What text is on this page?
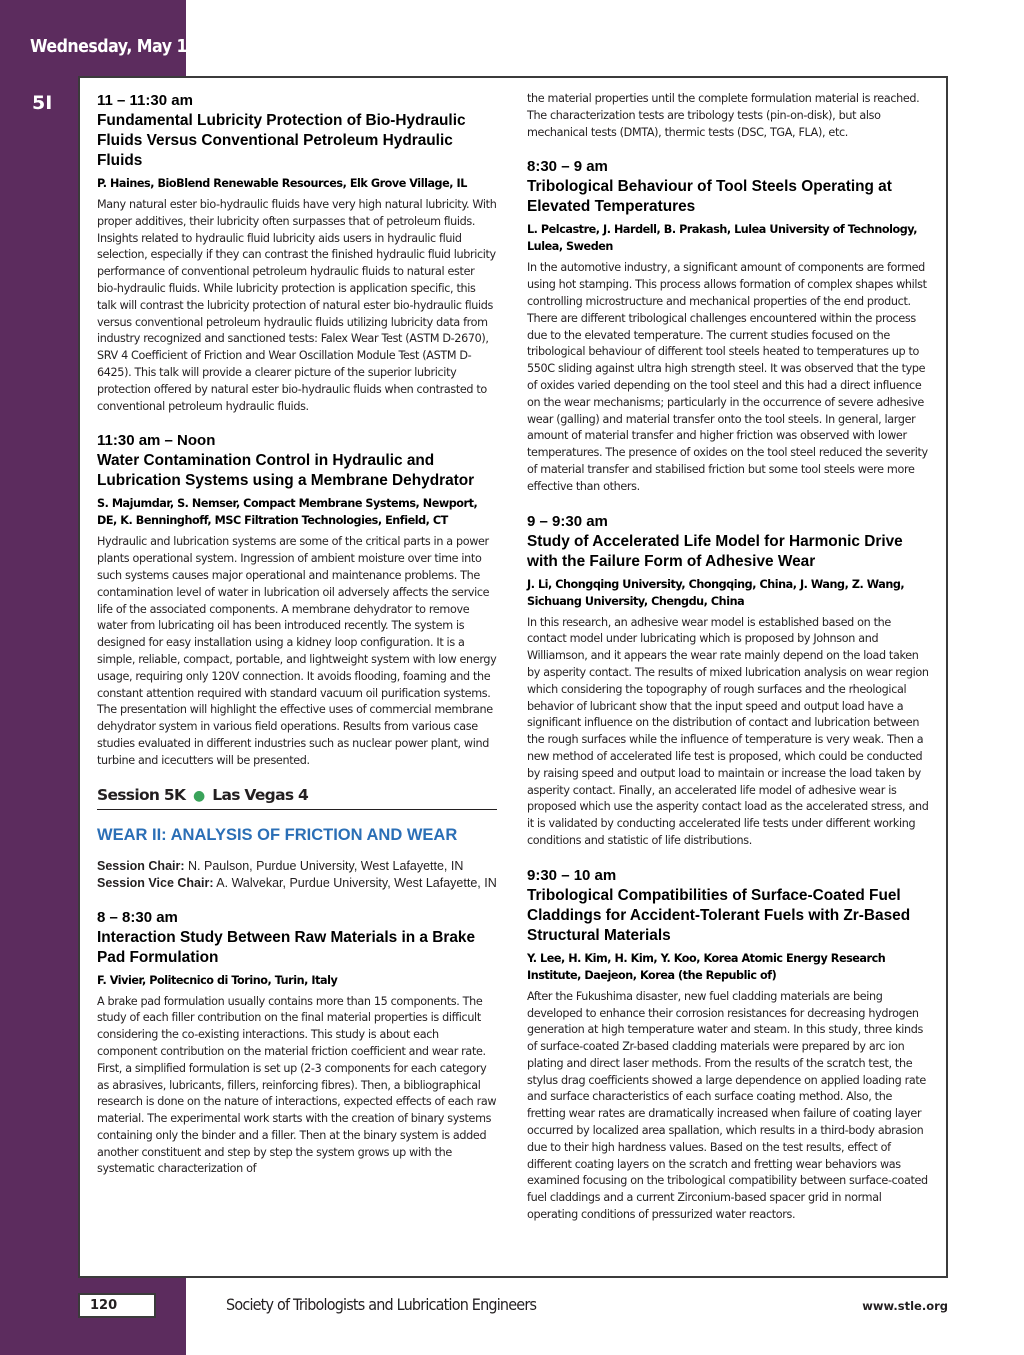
Wednesday, May 18
5I	11 – 11:30 am
Fundamental Lubricity Protection of Bio-Hydraulic Fluids Versus Conventional Petroleum Hydraulic Fluids
P. Haines, BioBlend Renewable Resources, Elk Grove Village, IL
Many natural ester bio-hydraulic fluids have very high natural lubricity. With proper additives, their lubricity often surpasses that of petroleum fluids. Insights related to hydraulic fluid lubricity aids users in hydraulic fluid selection, especially if they can contrast the finished hydraulic fluid lubricity performance of conventional petroleum hydraulic fluids to natural ester bio-hydraulic fluids. While lubricity protection is application specific, this talk will contrast the lubricity protection of natural ester bio-hydraulic fluids versus conventional petroleum hydraulic fluids utilizing lubricity data from industry recognized and sanctioned tests: Falex Wear Test (ASTM D-2670), SRV 4 Coefficient of Friction and Wear Oscillation Module Test (ASTM D-6425). This talk will provide a clearer picture of the superior lubricity protection offered by natural ester bio-hydraulic fluids when contrasted to conventional petroleum hydraulic fluids.
11:30 am – Noon
Water Contamination Control in Hydraulic and Lubrication Systems using a Membrane Dehydrator
S. Majumdar, S. Nemser, Compact Membrane Systems, Newport, DE, K. Benninghoff, MSC Filtration Technologies, Enfield, CT
Hydraulic and lubrication systems are some of the critical parts in a power plants operational system. Ingression of ambient moisture over time into such systems causes major operational and maintenance problems. The contamination level of water in lubrication oil adversely affects the service life of the associated components. A membrane dehydrator to remove water from lubricating oil has been introduced recently. The system is designed for easy installation using a kidney loop configuration. It is a simple, reliable, compact, portable, and lightweight system with low energy usage, requiring only 120V connection. It avoids flooding, foaming and the constant attention required with standard vacuum oil purification systems. The presentation will highlight the effective uses of commercial membrane dehydrator system in various field operations. Results from various case studies evaluated in different industries such as nuclear power plant, wind turbine and icecutters will be presented.
Session 5K ● Las Vegas 4
WEAR II: ANALYSIS OF FRICTION AND WEAR
Session Chair: N. Paulson, Purdue University, West Lafayette, IN
Session Vice Chair: A. Walvekar, Purdue University, West Lafayette, IN
8 – 8:30 am
Interaction Study Between Raw Materials in a Brake Pad Formulation
F. Vivier, Politecnico di Torino, Turin, Italy
A brake pad formulation usually contains more than 15 components. The study of each filler contribution on the final material properties is difficult considering the co-existing interactions. This study is about each component contribution on the material friction coefficient and wear rate. First, a simplified formulation is set up (2-3 components for each category as abrasives, lubricants, fillers, reinforcing fibres). Then, a bibliographical research is done on the nature of interactions, expected effects of each raw material. The experimental work starts with the creation of binary systems containing only the binder and a filler. Then at the binary system is added another constituent and step by step the system grows up with the systematic characterization of
the material properties until the complete formulation material is reached. The characterization tests are tribology tests (pin-on-disk), but also mechanical tests (DMTA), thermic tests (DSC, TGA, FLA), etc.
8:30 – 9 am
Tribological Behaviour of Tool Steels Operating at Elevated Temperatures
L. Pelcastre, J. Hardell, B. Prakash, Lulea University of Technology, Lulea, Sweden
In the automotive industry, a significant amount of components are formed using hot stamping. This process allows formation of complex shapes whilst controlling microstructure and mechanical properties of the end product. There are different tribological challenges encountered within the process due to the elevated temperature. The current studies focused on the tribological behaviour of different tool steels heated to temperatures up to 550C sliding against ultra high strength steel. It was observed that the type of oxides varied depending on the tool steel and this had a direct influence on the wear mechanisms; particularly in the occurrence of severe adhesive wear (galling) and material transfer onto the tool steels. In general, larger amount of material transfer and higher friction was observed with lower temperatures. The presence of oxides on the tool steel reduced the severity of material transfer and stabilised friction but some tool steels were more effective than others.
9 – 9:30 am
Study of Accelerated Life Model for Harmonic Drive with the Failure Form of Adhesive Wear
J. Li, Chongqing University, Chongqing, China, J. Wang, Z. Wang, Sichuang University, Chengdu, China
In this research, an adhesive wear model is established based on the contact model under lubricating which is proposed by Johnson and Williamson, and it appears the wear rate mainly depend on the load taken by asperity contact. The results of mixed lubrication analysis on wear region which considering the topography of rough surfaces and the rheological behavior of lubricant show that the input speed and output load have a significant influence on the distribution of contact and lubrication between the rough surfaces while the influence of temperature is very weak. Then a new method of accelerated life test is proposed, which could be conducted by raising speed and output load to maintain or increase the load taken by asperity contact. Finally, an accelerated life model of adhesive wear is proposed which use the asperity contact load as the accelerated stress, and it is validated by conducting accelerated life tests under different working conditions and statistic of life distributions.
9:30 – 10 am
Tribological Compatibilities of Surface-Coated Fuel Claddings for Accident-Tolerant Fuels with Zr-Based Structural Materials
Y. Lee, H. Kim, H. Kim, Y. Koo, Korea Atomic Energy Research Institute, Daejeon, Korea (the Republic of)
After the Fukushima disaster, new fuel cladding materials are being developed to enhance their corrosion resistances for decreasing hydrogen generation at high temperature water and steam. In this study, three kinds of surface-coated Zr-based cladding materials were prepared by arc ion plating and direct laser methods. From the results of the scratch test, the stylus drag coefficients showed a large dependence on applied loading rate and surface characteristics of each surface coating method. Also, the fretting wear rates are dramatically increased when failure of coating layer occurred by localized area spallation, which results in a third-body abrasion due to their high hardness values. Based on the test results, effect of different coating layers on the scratch and fretting wear behaviors was examined focusing on the tribological compatibility between surface-coated fuel claddings and a current Zirconium-based spacer grid in normal operating conditions of pressurized water reactors.
120	Society of Tribologists and Lubrication Engineers	www.stle.org
